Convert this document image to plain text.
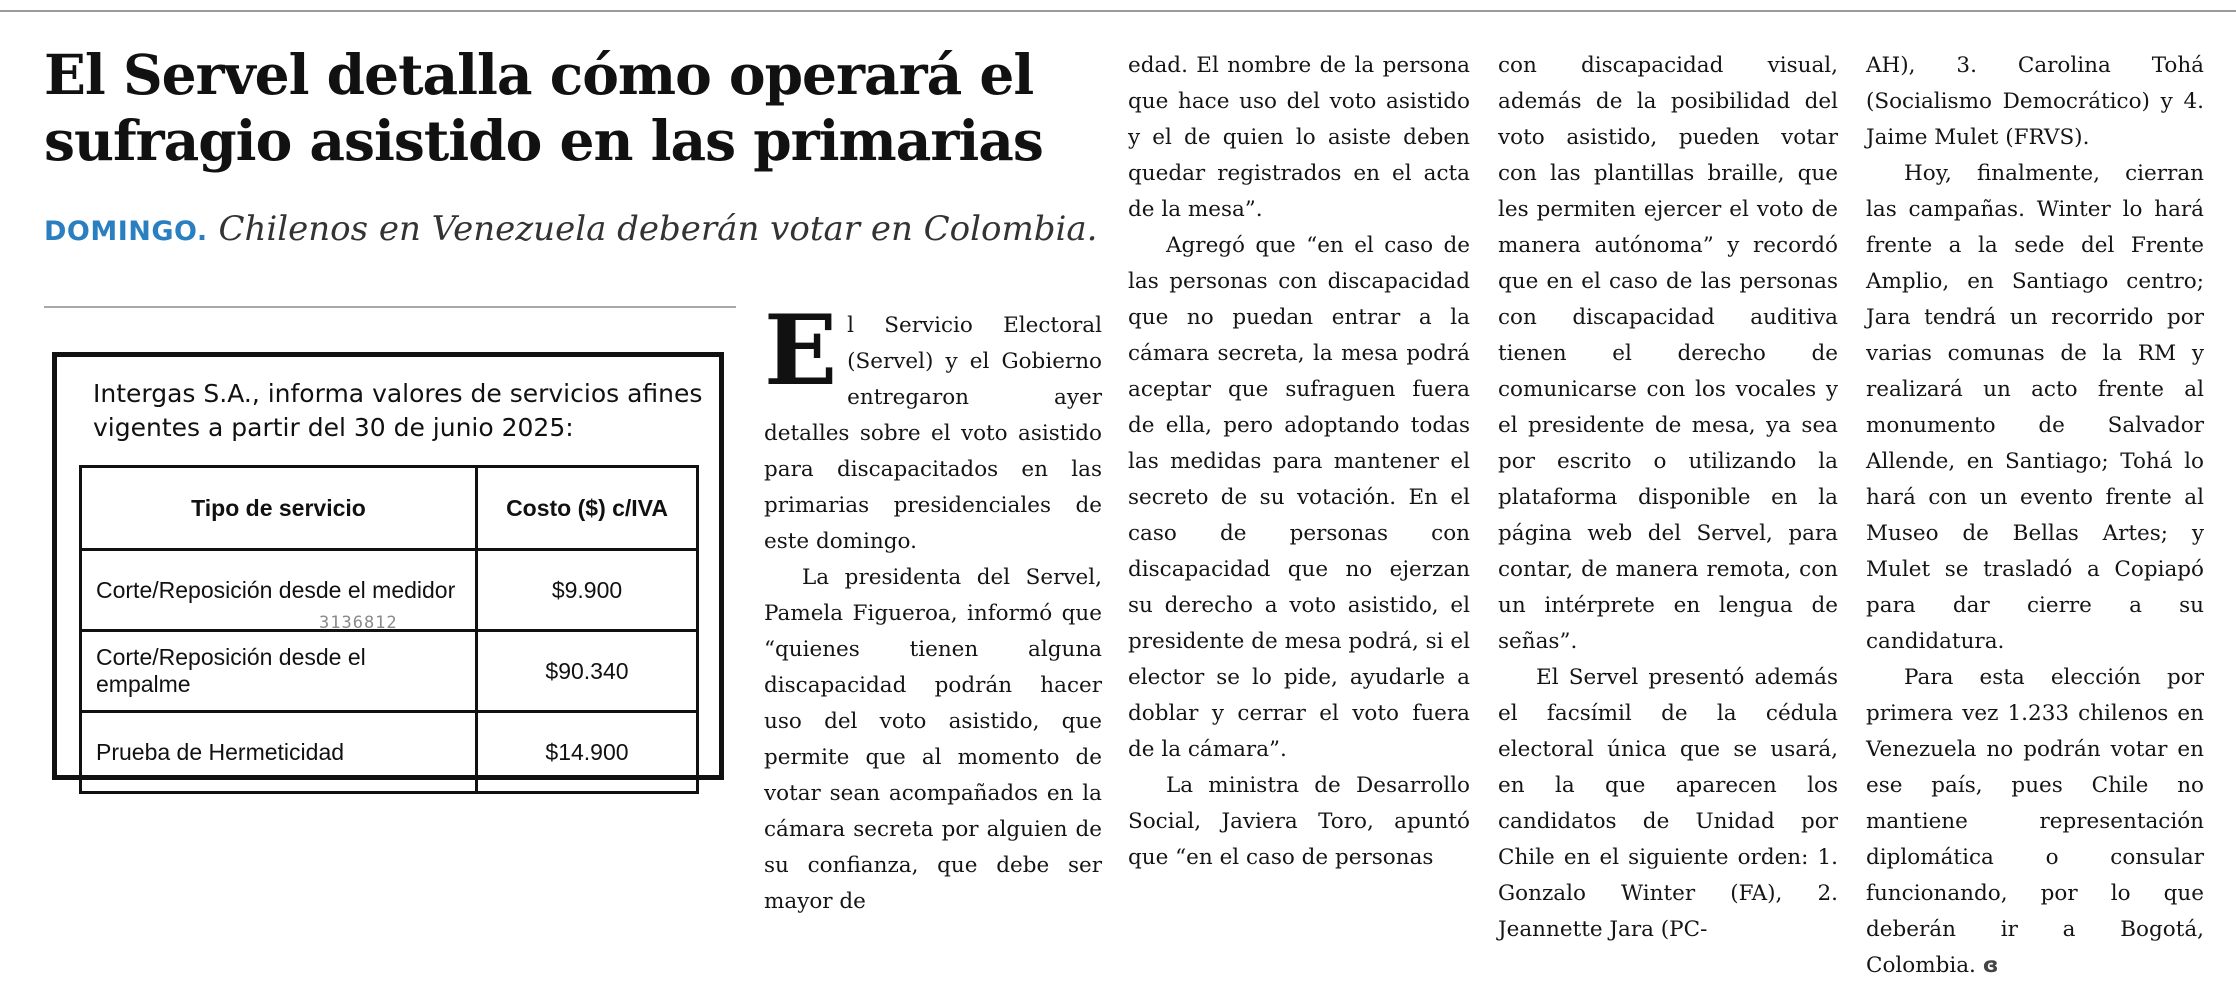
El Servel detalla cómo operará el sufragio asistido en las primarias
DOMINGO. Chilenos en Venezuela deberán votar en Colombia.
Intergas S.A., informa valores de servicios afines vigentes a partir del 30 de junio 2025:
Tipo de servicio	Costo ($) c/IVA
Corte/Reposición desde el medidor	$9.900
Corte/Reposición desde el empalme	$90.340
Prueba de Hermeticidad	$14.900
3136812

El Servicio Electoral (Servel) y el Gobierno entregaron ayer detalles sobre el voto asistido para discapacitados en las primarias presidenciales de este domingo.

La presidenta del Servel, Pamela Figueroa, informó que “quienes tienen alguna discapacidad podrán hacer uso del voto asistido, que permite que al momento de votar sean acompañados en la cámara secreta por alguien de su confianza, que debe ser mayor de

edad. El nombre de la persona que hace uso del voto asistido y el de quien lo asiste deben quedar registrados en el acta de la mesa”.

Agregó que “en el caso de las personas con discapacidad que no puedan entrar a la cámara secreta, la mesa podrá aceptar que sufraguen fuera de ella, pero adoptando todas las medidas para mantener el secreto de su votación. En el caso de personas con discapacidad que no ejerzan su derecho a voto asistido, el presidente de mesa podrá, si el elector se lo pide, ayudarle a doblar y cerrar el voto fuera de la cámara”.

La ministra de Desarrollo Social, Javiera Toro, apuntó que “en el caso de personas

con discapacidad visual, además de la posibilidad del voto asistido, pueden votar con las plantillas braille, que les permiten ejercer el voto de manera autónoma” y recordó que en el caso de las personas con discapacidad auditiva tienen el derecho de comunicarse con los vocales y el presidente de mesa, ya sea por escrito o utilizando la plataforma disponible en la página web del Servel, para contar, de manera remota, con un intérprete en lengua de señas”.

El Servel presentó además el facsímil de la cédula electoral única que se usará, en la que aparecen los candidatos de Unidad por Chile en el siguiente orden: 1. Gonzalo Winter (FA), 2. Jeannette Jara (PC-

AH), 3. Carolina Tohá (Socialismo Democrático) y 4. Jaime Mulet (FRVS).

Hoy, finalmente, cierran las campañas. Winter lo hará frente a la sede del Frente Amplio, en Santiago centro; Jara tendrá un recorrido por varias comunas de la RM y realizará un acto frente al monumento de Salvador Allende, en Santiago; Tohá lo hará con un evento frente al Museo de Bellas Artes; y Mulet se trasladó a Copiapó para dar cierre a su candidatura.

Para esta elección por primera vez 1.233 chilenos en Venezuela no podrán votar en ese país, pues Chile no mantiene representación diplomática o consular funcionando, por lo que deberán ir a Bogotá, Colombia. ɞ
